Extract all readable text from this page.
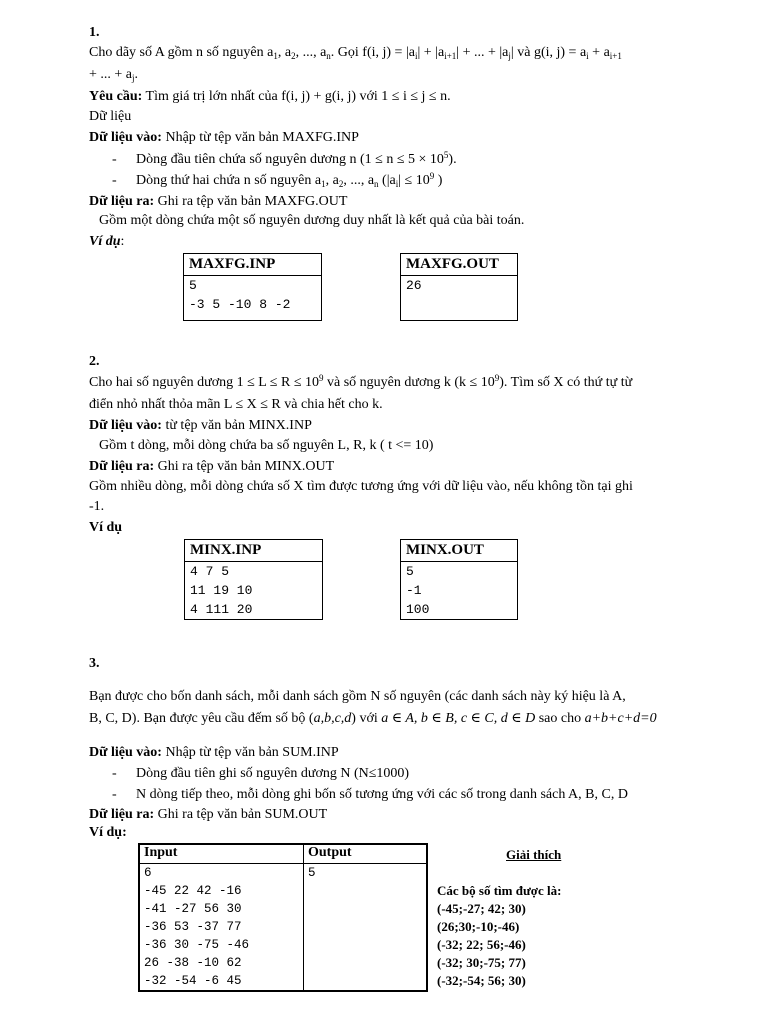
1.
Cho dãy số A gồm n số nguyên $a_1$, $a_2$, ..., $a_n$. Gọi f(i, $j) = |a_i| + |a_{i+1}|$ + ... + $|a_j|$ và g(i, $j) = a_i + a_{i+1}$
+ ... + $a_j$.
Yêu cầu: Tìm giá trị lớn nhất của f(i, j) + g(i, j) với 1 ≤ i ≤ j ≤ n.
Dữ liệu
Dữ liệu vào: Nhập từ tệp văn bản MAXFG.INP
- Dòng đầu tiên chứa số nguyên dương n $(1 \le n \le 5 \times 10^5)$.
- Dòng thứ hai chứa n số nguyên $a_1$, $a_2$, ..., $a_n$ ($|a_i| \le 10^9$ )
Dữ liệu ra: Ghi ra tệp văn bản MAXFG.OUT
Gồm một dòng chứa một số nguyên dương duy nhất là kết quả của bài toán.
Ví dụ:
MAXFG.INP

5
-3 5 -10 8 -2
MAXFG.OUT

26
2.
Cho hai số nguyên dương $1 \le L \le R \le 10^9$ và số nguyên dương k $(k \le 10^9)$. Tìm số X có thứ tự từ
điển nhỏ nhất thỏa mãn L ≤ X ≤ R và chia hết cho k.
Dữ liệu vào: từ tệp văn bản MINX.INP
Gồm t dòng, mỗi dòng chứa ba số nguyên L, R, k ( t <= 10)
Dữ liệu ra: Ghi ra tệp văn bản MINX.OUT
Gồm nhiều dòng, mỗi dòng chứa số X tìm được tương ứng với dữ liệu vào, nếu không tồn tại ghi
-1.
Ví dụ
MINX.INP

4 7 5
11 19 10
4 111 20
MINX.OUT

5
-1
100
3.
Bạn được cho bốn danh sách, mỗi danh sách gồm N số nguyên (các danh sách này ký hiệu là A,
B, C, D). Bạn được yêu cầu đếm số bộ (a,b,c,d) với a ∈ A, b ∈ B, c ∈ C, d ∈ D sao cho a+b+c+d=0
Dữ liệu vào: Nhập từ tệp văn bản SUM.INP
- Dòng đầu tiên ghi số nguyên dương N (N≤1000)
- N dòng tiếp theo, mỗi dòng ghi bốn số tương ứng với các số trong danh sách A, B, C, D
Dữ liệu ra: Ghi ra tệp văn bản SUM.OUT
Ví dụ:
Input	Output
6	5
-45 22 42 -16	
-41 -27 56 30	
-36 53 -37 77	
-36 30 -75 -46	
26 -38 -10 62	
-32 -54 -6 45	
Giải thích
Các bộ số tìm được là:
(-45;-27; 42; 30)
(26;30;-10;-46)
(-32; 22; 56;-46)
(-32; 30;-75; 77)
(-32;-54; 56; 30)
